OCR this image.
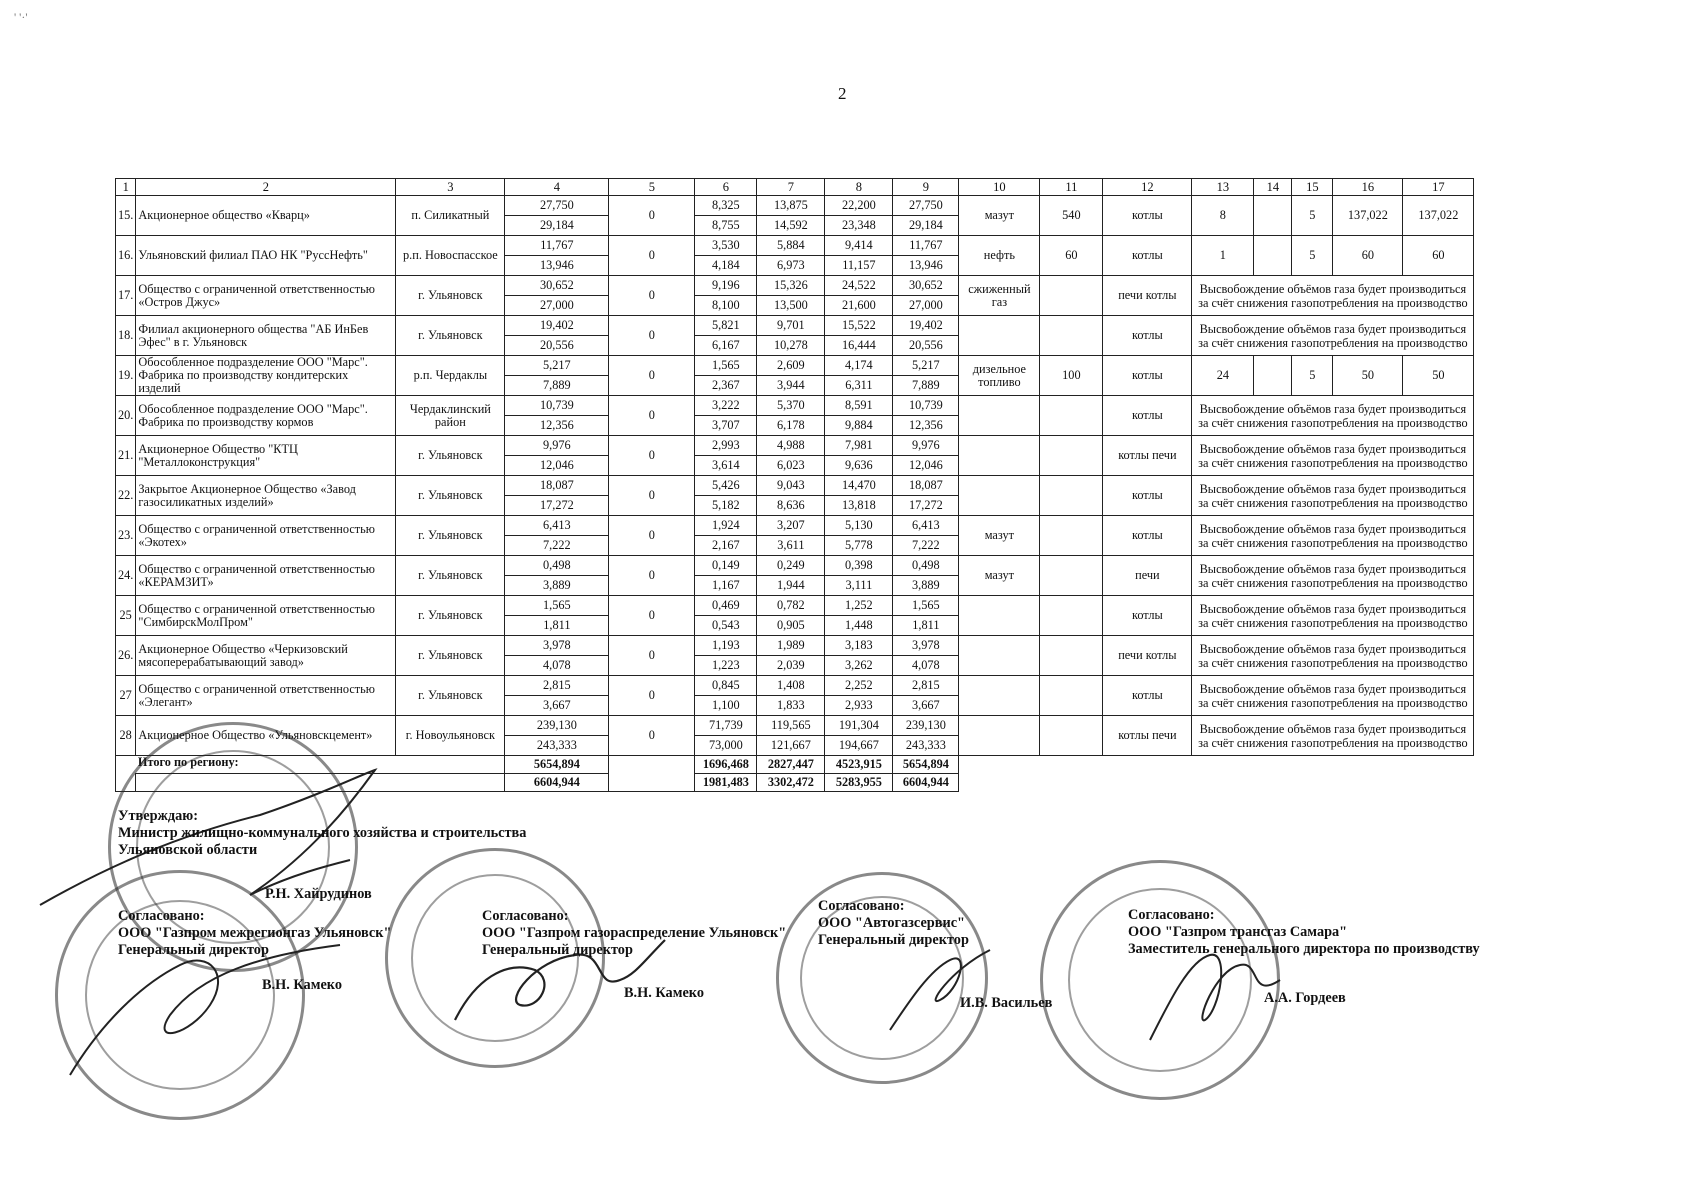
2
' '·'
1	2	3	4	5	6	7	8	9	10	11	12	13	14	15	16	17
15.	Акционерное общество «Кварц»	п. Силикатный	27,750	0	8,325	13,875	22,200	27,750	мазут	540	котлы	8		5	137,022	137,022
			29,184		8,755	14,592	23,348	29,184								
16.	Ульяновский филиал ПАО НК "РуссНефть"	р.п. Новоспасское	11,767	0	3,530	5,884	9,414	11,767	нефть	60	котлы	1		5	60	60
			13,946		4,184	6,973	11,157	13,946								
17.	Общество с ограниченной ответственностью «Остров Джус»	г. Ульяновск	30,652	0	9,196	15,326	24,522	30,652	сжиженный газ		печи котлы	Высвобождение объёмов газа будет производиться за счёт снижения газопотребления на производство				
			27,000		8,100	13,500	21,600	27,000								
18.	Филиал акционерного общества "АБ ИнБев Эфес" в г. Ульяновск	г. Ульяновск	19,402	0	5,821	9,701	15,522	19,402			котлы	Высвобождение объёмов газа будет производиться за счёт снижения газопотребления на производство				
			20,556		6,167	10,278	16,444	20,556								
19.	Обособленное подразделение ООО "Марс". Фабрика по производству кондитерских изделий	р.п. Чердаклы	5,217	0	1,565	2,609	4,174	5,217	дизельное топливо	100	котлы	24		5	50	50
			7,889		2,367	3,944	6,311	7,889								
20.	Обособленное подразделение ООО "Марс". Фабрика по производству кормов	Чердаклинский район	10,739	0	3,222	5,370	8,591	10,739			котлы	Высвобождение объёмов газа будет производиться за счёт снижения газопотребления на производство				
			12,356		3,707	6,178	9,884	12,356								
21.	Акционерное Общество "КТЦ "Металлоконструкция"	г. Ульяновск	9,976	0	2,993	4,988	7,981	9,976			котлы печи	Высвобождение объёмов газа будет производиться за счёт снижения газопотребления на производство				
			12,046		3,614	6,023	9,636	12,046								
22.	Закрытое Акционерное Общество «Завод газосиликатных изделий»	г. Ульяновск	18,087	0	5,426	9,043	14,470	18,087			котлы	Высвобождение объёмов газа будет производиться за счёт снижения газопотребления на производство				
			17,272		5,182	8,636	13,818	17,272								
23.	Общество с ограниченной ответственностью «Экотех»	г. Ульяновск	6,413	0	1,924	3,207	5,130	6,413	мазут		котлы	Высвобождение объёмов газа будет производиться за счёт снижения газопотребления на производство				
			7,222		2,167	3,611	5,778	7,222								
24.	Общество с ограниченной ответственностью «КЕРАМЗИТ»	г. Ульяновск	0,498	0	0,149	0,249	0,398	0,498	мазут		печи	Высвобождение объёмов газа будет производиться за счёт снижения газопотребления на производство				
			3,889		1,167	1,944	3,111	3,889								
25	Общество с ограниченной ответственностью "СимбирскМолПром"	г. Ульяновск	1,565	0	0,469	0,782	1,252	1,565			котлы	Высвобождение объёмов газа будет производиться за счёт снижения газопотребления на производство				
			1,811		0,543	0,905	1,448	1,811								
26.	Акционерное Общество «Черкизовский мясоперерабатывающий завод»	г. Ульяновск	3,978	0	1,193	1,989	3,183	3,978			печи котлы	Высвобождение объёмов газа будет производиться за счёт снижения газопотребления на производство				
			4,078		1,223	2,039	3,262	4,078								
27	Общество с ограниченной ответственностью «Элегант»	г. Ульяновск	2,815	0	0,845	1,408	2,252	2,815			котлы	Высвобождение объёмов газа будет производиться за счёт снижения газопотребления на производство				
			3,667		1,100	1,833	2,933	3,667								
28	Акционерное Общество «Ульяновскцемент»	г. Новоульяновск	239,130	0	71,739	119,565	191,304	239,130			котлы печи	Высвобождение объёмов газа будет производиться за счёт снижения газопотребления на производство				
			243,333		73,000	121,667	194,667	243,333								
	Итого по региону:		5654,894		1696,468	2827,447	4523,915	5654,894								
			6604,944		1981,483	3302,472	5283,955	6604,944								
Утверждаю:
Министр жилищно-коммунального хозяйства и строительства
Ульяновской области
Р.Н. Хайрудинов
Согласовано:
ООО "Газпром межрегионгаз Ульяновск"
Генеральный директор
В.Н. Камеко
Согласовано:
ООО "Газпром газораспределение Ульяновск"
Генеральный директор
В.Н. Камеко
Согласовано:
ООО "Автогазсервис"
Генеральный директор
И.В. Васильев
Согласовано:
ООО "Газпром трансгаз Самара"
Заместитель генерального директора по производству
А.А. Гордеев
